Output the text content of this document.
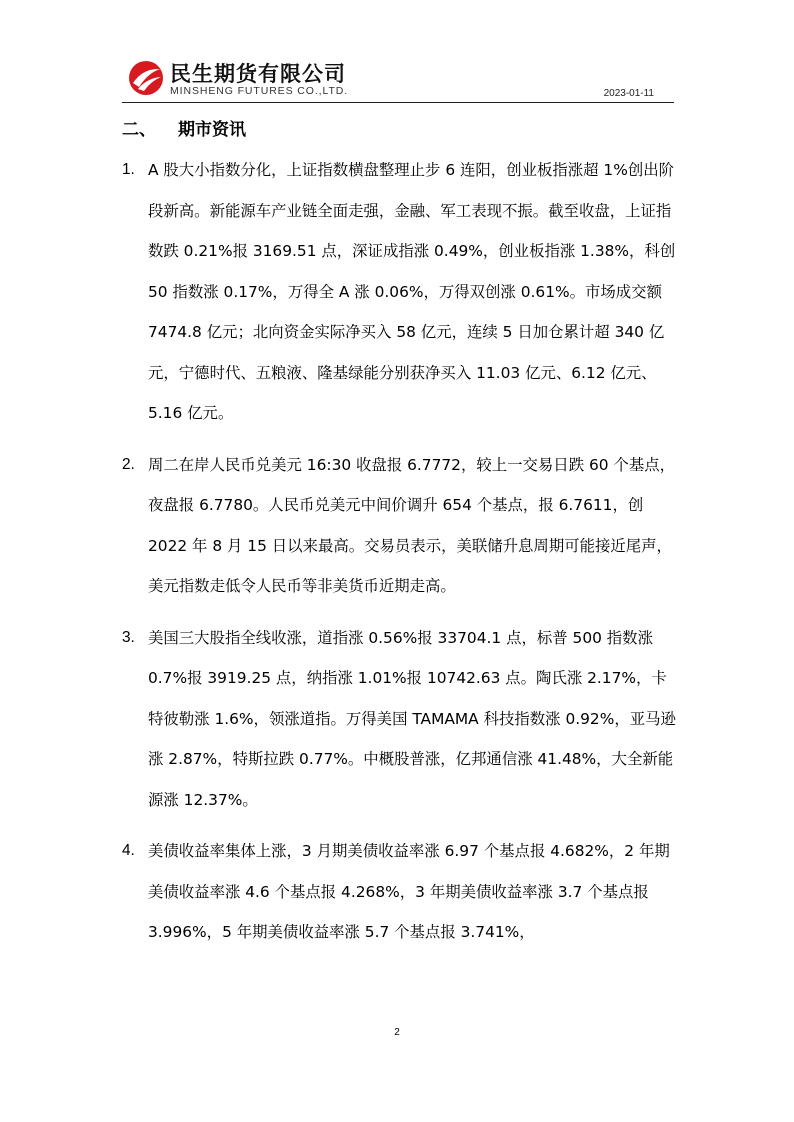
民生期货有限公司
MINSHENG FUTURES CO.,LTD.	2023-01-11
二、 期市资讯
1. A 股大小指数分化，上证指数横盘整理止步 6 连阳，创业板指涨超 1%创出阶段新高。新能源车产业链全面走强，金融、军工表现不振。截至收盘，上证指数跌 0.21%报 3169.51 点，深证成指涨 0.49%，创业板指涨 1.38%，科创 50 指数涨 0.17%，万得全 A 涨 0.06%，万得双创涨 0.61%。市场成交额 7474.8 亿元；北向资金实际净买入 58 亿元，连续 5 日加仓累计超 340 亿元，宁德时代、五粮液、隆基绿能分别获净买入 11.03 亿元、6.12 亿元、5.16 亿元。
2. 周二在岸人民币兑美元 16:30 收盘报 6.7772，较上一交易日跌 60 个基点，夜盘报 6.7780。人民币兑美元中间价调升 654 个基点，报 6.7611，创 2022 年 8 月 15 日以来最高。交易员表示，美联储升息周期可能接近尾声，美元指数走低令人民币等非美货币近期走高。
3. 美国三大股指全线收涨，道指涨 0.56%报 33704.1 点，标普 500 指数涨 0.7%报 3919.25 点，纳指涨 1.01%报 10742.63 点。陶氏涨 2.17%，卡特彼勒涨 1.6%，领涨道指。万得美国 TAMAMA 科技指数涨 0.92%，亚马逊涨 2.87%，特斯拉跌 0.77%。中概股普涨，亿邦通信涨 41.48%，大全新能源涨 12.37%。
4. 美债收益率集体上涨，3 月期美债收益率涨 6.97 个基点报 4.682%，2 年期美债收益率涨 4.6 个基点报 4.268%，3 年期美债收益率涨 3.7 个基点报 3.996%，5 年期美债收益率涨 5.7 个基点报 3.741%，
2
